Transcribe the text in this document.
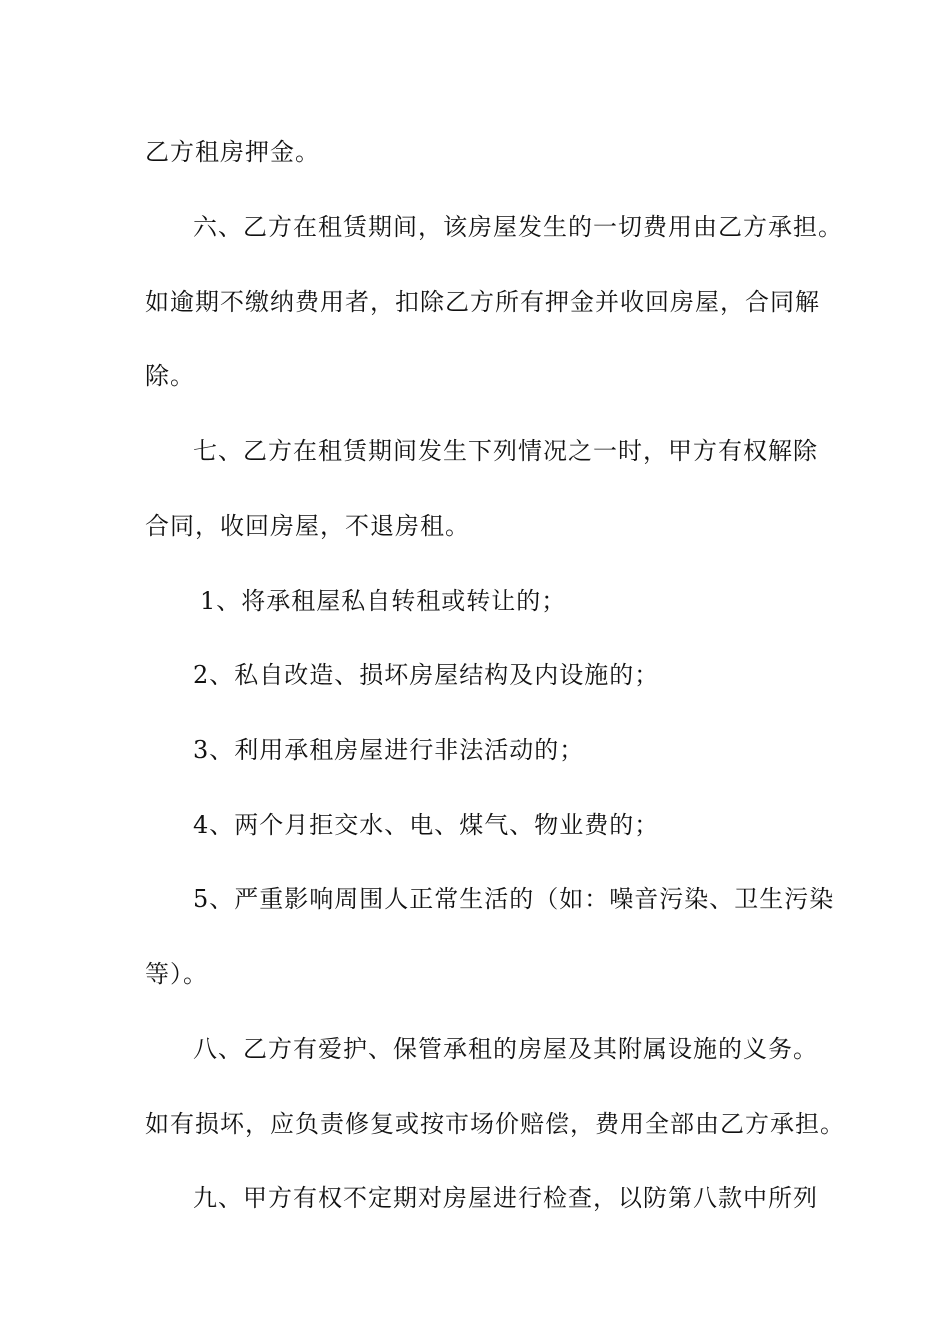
乙方租房押金。
六、乙方在租赁期间，该房屋发生的一切费用由乙方承担。
如逾期不缴纳费用者，扣除乙方所有押金并收回房屋，合同解
除。
七、乙方在租赁期间发生下列情况之一时，甲方有权解除
合同，收回房屋，不退房租。
1、将承租屋私自转租或转让的；
2、私自改造、损坏房屋结构及内设施的；
3、利用承租房屋进行非法活动的；
4、两个月拒交水、电、煤气、物业费的；
5、严重影响周围人正常生活的（如：噪音污染、卫生污染
等）。
八、乙方有爱护、保管承租的房屋及其附属设施的义务。
如有损坏，应负责修复或按市场价赔偿，费用全部由乙方承担。
九、甲方有权不定期对房屋进行检查，以防第八款中所列
